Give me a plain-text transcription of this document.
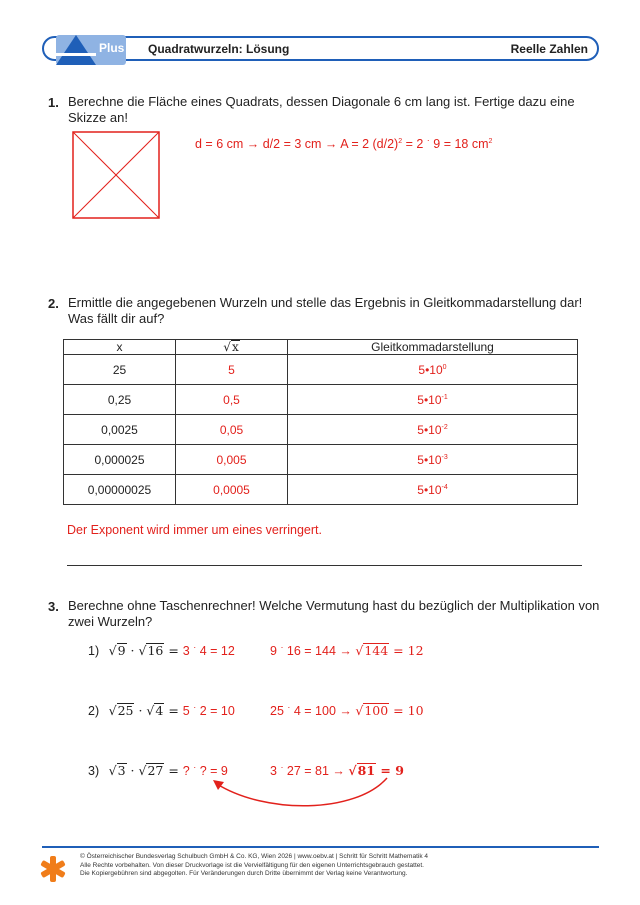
Plus Quadratwurzeln: Lösung	Reelle Zahlen
1. Berechne die Fläche eines Quadrats, dessen Diagonale 6 cm lang ist. Fertige dazu eine
Skizze an!
d = 6 cm → d/2 = 3 cm → A = 2 $(d/2)^2 = 2$ · 9 = 18 $cm^2$
2. Ermittle die angegebenen Wurzeln und stelle das Ergebnis in Gleitkommadarstellung dar!
Was fällt dir auf?
x	√x	Gleitkommadarstellung
25	5	$5•10^0$
0,25	0,5	$5•10^{-1}$
0,0025	0,05	$5•10^{-2}$
0,000025	0,005	$5•10^{-3}$
0,00000025	0,0005	$5•10^{-4}$
Der Exponent wird immer um eines verringert.
3. Berechne ohne Taschenrechner! Welche Vermutung hast du bezüglich der Multiplikation von
zwei Wurzeln?
1) √9 · √16 = 3 · 4 = 12	9 · 16 = 144 → √144 = 12
2) √25 · √4 = 5 · 2 = 10	25 · 4 = 100 → √100 = 10
3) √3 · √27 = ? · ? = 9	3 · 27 = 81 → √81 = 9
© Österreichischer Bundesverlag Schulbuch GmbH & Co. KG, Wien 2026 | www.oebv.at | Schritt für Schritt Mathematik 4
Alle Rechte vorbehalten. Von dieser Druckvorlage ist die Vervielfältigung für den eigenen Unterrichtsgebrauch gestattet.
Die Kopiergebühren sind abgegolten. Für Veränderungen durch Dritte übernimmt der Verlag keine Verantwortung.
